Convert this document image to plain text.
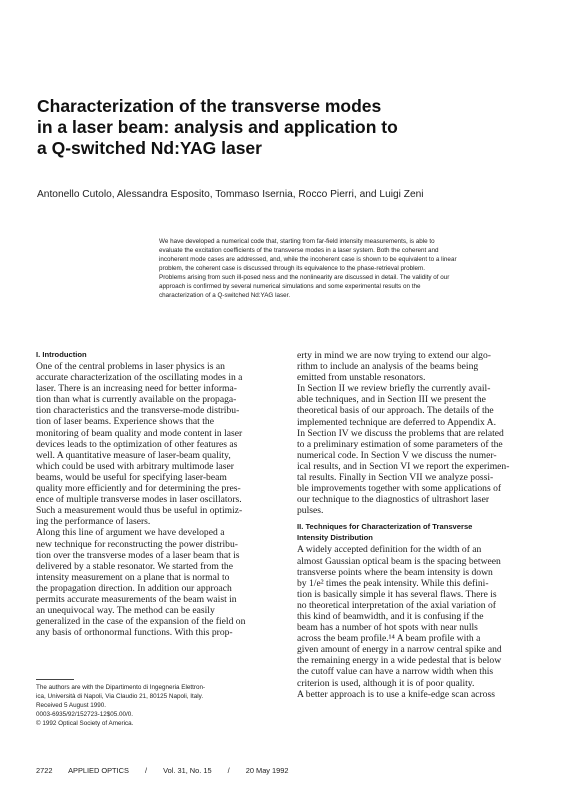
Characterization of the transverse modes
in a laser beam: analysis and application to
a Q-switched Nd:YAG laser
Antonello Cutolo, Alessandra Esposito, Tommaso Isernia, Rocco Pierri, and Luigi Zeni
We have developed a numerical code that, starting from far-field intensity measurements, is able to
evaluate the excitation coefficients of the transverse modes in a laser system. Both the coherent and
incoherent mode cases are addressed, and, while the incoherent case is shown to be equivalent to a linear
problem, the coherent case is discussed through its equivalence to the phase-retrieval problem.
Problems arising from such ill-posed ness and the nonlinearity are discussed in detail. The validity of our
approach is confirmed by several numerical simulations and some experimental results on the
characterization of a Q-switched Nd:YAG laser.
I. Introduction
One of the central problems in laser physics is an
accurate characterization of the oscillating modes in a
laser. There is an increasing need for better informa-
tion than what is currently available on the propaga-
tion characteristics and the transverse-mode distribu-
tion of laser beams. Experience shows that the
monitoring of beam quality and mode content in laser
devices leads to the optimization of other features as
well. A quantitative measure of laser-beam quality,
which could be used with arbitrary multimode laser
beams, would be useful for specifying laser-beam
quality more efficiently and for determining the pres-
ence of multiple transverse modes in laser oscillators.
Such a measurement would thus be useful in optimiz-
ing the performance of lasers.
Along this line of argument we have developed a
new technique for reconstructing the power distribu-
tion over the transverse modes of a laser beam that is
delivered by a stable resonator. We started from the
intensity measurement on a plane that is normal to
the propagation direction. In addition our approach
permits accurate measurements of the beam waist in
an unequivocal way. The method can be easily
generalized in the case of the expansion of the field on
any basis of orthonormal functions. With this prop-
The authors are with the Dipartimento di Ingegneria Elettron-
ica, Università di Napoli, Via Claudio 21, 80125 Napoli, Italy.
Received 5 August 1990.
0003-6935/92/152723-12$05.00/0.
© 1992 Optical Society of America.
erty in mind we are now trying to extend our algo-
rithm to include an analysis of the beams being
emitted from unstable resonators.
In Section II we review briefly the currently avail-
able techniques, and in Section III we present the
theoretical basis of our approach. The details of the
implemented technique are deferred to Appendix A.
In Section IV we discuss the problems that are related
to a preliminary estimation of some parameters of the
numerical code. In Section V we discuss the numer-
ical results, and in Section VI we report the experimen-
tal results. Finally in Section VII we analyze possi-
ble improvements together with some applications of
our technique to the diagnostics of ultrashort laser
pulses.
II. Techniques for Characterization of Transverse
Intensity Distribution
A widely accepted definition for the width of an
almost Gaussian optical beam is the spacing between
transverse points where the beam intensity is down
by 1/e² times the peak intensity. While this defini-
tion is basically simple it has several flaws. There is
no theoretical interpretation of the axial variation of
this kind of beamwidth, and it is confusing if the
beam has a number of hot spots with near nulls
across the beam profile.¹⁴ A beam profile with a
given amount of energy in a narrow central spike and
the remaining energy in a wide pedestal that is below
the cutoff value can have a narrow width when this
criterion is used, although it is of poor quality.
A better approach is to use a knife-edge scan across
2722 APPLIED OPTICS / Vol. 31, No. 15 / 20 May 1992
